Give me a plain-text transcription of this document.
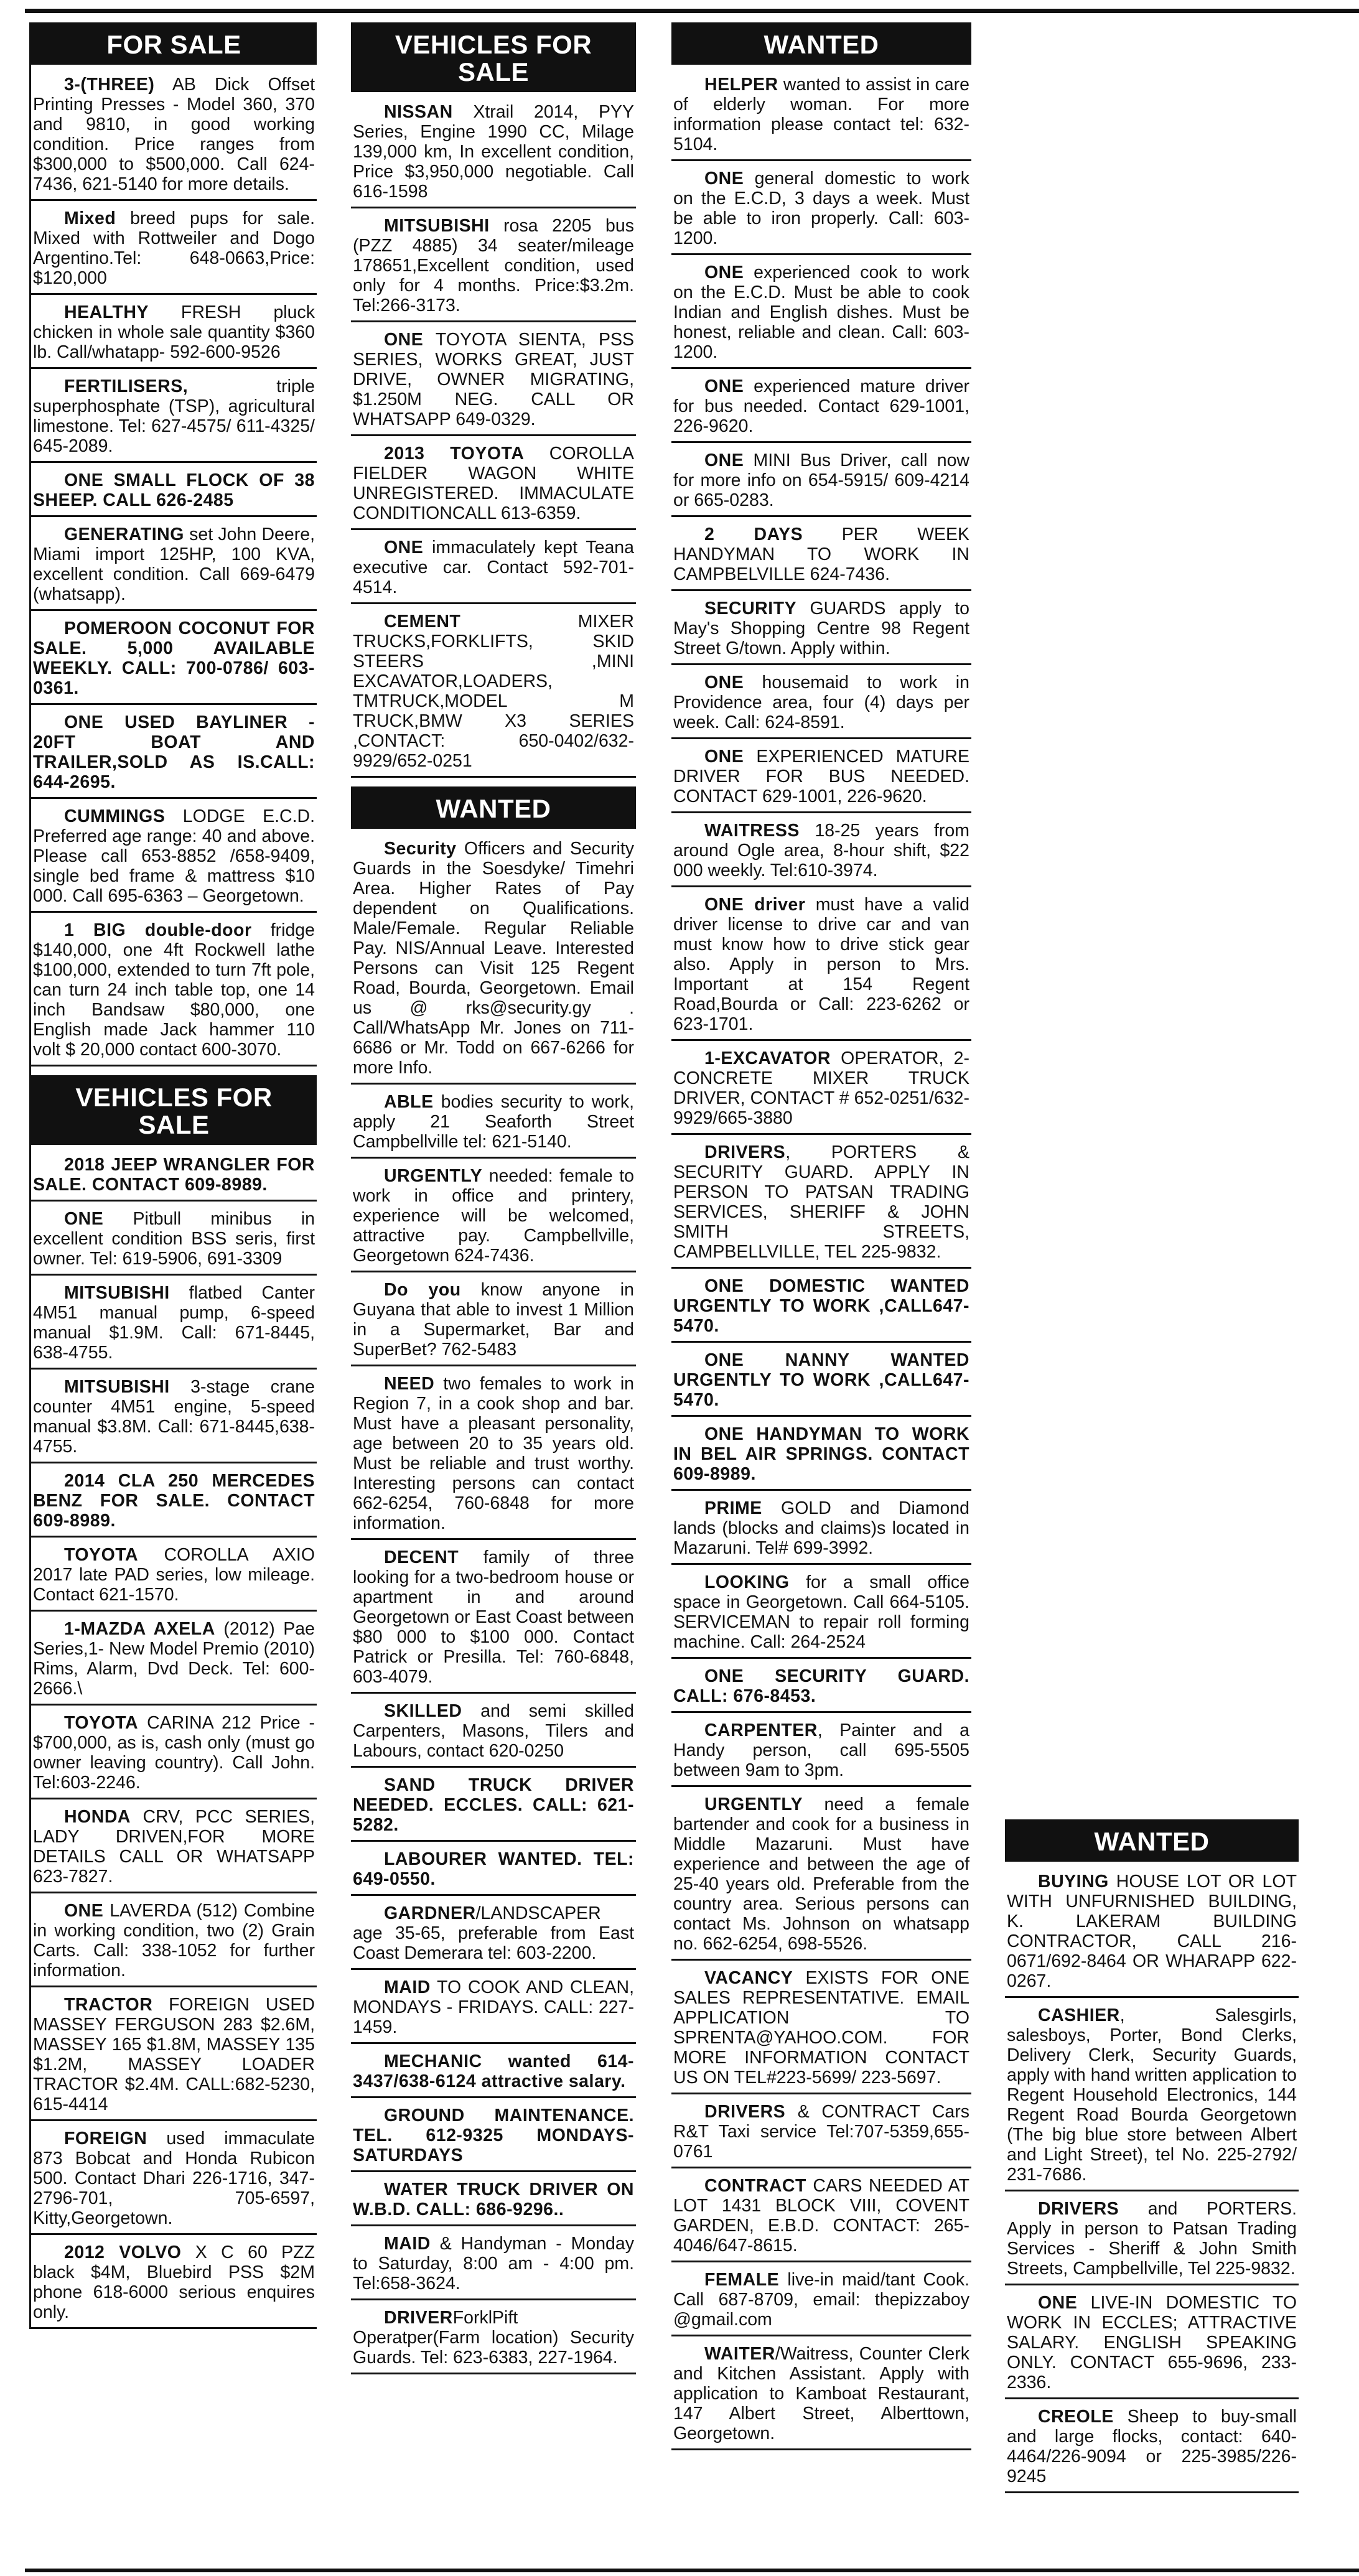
FOR SALE

3-(THREE) AB Dick Offset Printing Presses - Model 360, 370 and 9810, in good working condition. Price ranges from $300,000 to $500,000. Call 624-7436, 621-5140 for more details.

Mixed breed pups for sale. Mixed with Rottweiler and Dogo Argentino.Tel: 648-0663,Price: $120,000

HEALTHY FRESH pluck chicken in whole sale quantity $360 lb. Call/whatapp- 592-600-9526

FERTILISERS, triple superphosphate (TSP), agricultural limestone. Tel: 627-4575/ 611-4325/ 645-2089.

ONE SMALL FLOCK OF 38 SHEEP. CALL 626-2485

GENERATING set John Deere, Miami import 125HP, 100 KVA, excellent condition. Call 669-6479 (whatsapp).

POMEROON COCONUT FOR SALE. 5,000 AVAILABLE WEEKLY. CALL: 700-0786/ 603-0361.

ONE USED BAYLINER - 20FT BOAT AND TRAILER,SOLD AS IS.CALL: 644-2695.

CUMMINGS LODGE E.C.D. Preferred age range: 40 and above. Please call 653-8852 /658-9409, single bed frame & mattress $10 000. Call 695-6363 – Georgetown.

1 BIG double-door fridge $140,000, one 4ft Rockwell lathe $100,000, extended to turn 7ft pole, can turn 24 inch table top, one 14 inch Bandsaw $80,000, one English made Jack hammer 110 volt $ 20,000 contact 600-3070.

VEHICLES FOR SALE

2018 JEEP WRANGLER FOR SALE. CONTACT 609-8989.

ONE Pitbull minibus in excellent condition BSS seris, first owner. Tel: 619-5906, 691-3309

MITSUBISHI flatbed Canter 4M51 manual pump, 6-speed manual $1.9M. Call: 671-8445, 638-4755.

MITSUBISHI 3-stage crane counter 4M51 engine, 5-speed manual $3.8M. Call: 671-8445,638-4755.

2014 CLA 250 MERCEDES BENZ FOR SALE. CONTACT 609-8989.

TOYOTA COROLLA AXIO 2017 late PAD series, low mileage. Contact 621-1570.

1-MAZDA AXELA (2012) Pae Series,1- New Model Premio (2010) Rims, Alarm, Dvd Deck. Tel: 600-2666.\

TOYOTA CARINA 212 Price - $700,000, as is, cash only (must go owner leaving country). Call John. Tel:603-2246.

HONDA CRV, PCC SERIES, LADY DRIVEN,FOR MORE DETAILS CALL OR WHATSAPP 623-7827.

ONE LAVERDA (512) Combine in working condition, two (2) Grain Carts. Call: 338-1052 for further information.

TRACTOR FOREIGN USED MASSEY FERGUSON 283 $2.6M, MASSEY 165 $1.8M, MASSEY 135 $1.2M, MASSEY LOADER TRACTOR $2.4M. CALL:682-5230, 615-4414

FOREIGN used immaculate 873 Bobcat and Honda Rubicon 500. Contact Dhari 226-1716, 347-2796-701, 705-6597, Kitty,Georgetown.

2012 VOLVO X C 60 PZZ black $4M, Bluebird PSS $2M phone 618-6000 serious enquires only.

VEHICLES FOR SALE

NISSAN Xtrail 2014, PYY Series, Engine 1990 CC, Milage 139,000 km, In excellent condition, Price $3,950,000 negotiable. Call 616-1598

MITSUBISHI rosa 2205 bus (PZZ 4885) 34 seater/mileage 178651,Excellent condition, used only for 4 months. Price:$3.2m. Tel:266-3173.

ONE TOYOTA SIENTA, PSS SERIES, WORKS GREAT, JUST DRIVE, OWNER MIGRATING, $1.250M NEG. CALL OR WHATSAPP 649-0329.

2013 TOYOTA COROLLA FIELDER WAGON WHITE UNREGISTERED. IMMACULATE CONDITIONCALL 613-6359.

ONE immaculately kept Teana executive car. Contact 592-701-4514.

CEMENT MIXER TRUCKS,FORKLIFTS, SKID STEERS ,MINI EXCAVATOR,LOADERS, TMTRUCK,MODEL M TRUCK,BMW X3 SERIES ,CONTACT: 650-0402/632-9929/652-0251

WANTED

Security Officers and Security Guards in the Soesdyke/ Timehri Area. Higher Rates of Pay dependent on Qualifications. Male/Female. Regular Reliable Pay. NIS/Annual Leave. Interested Persons can Visit 125 Regent Road, Bourda, Georgetown. Email us @ rks@security.gy . Call/WhatsApp Mr. Jones on 711-6686 or Mr. Todd on 667-6266 for more Info.

ABLE bodies security to work, apply 21 Seaforth Street Campbellville tel: 621-5140.

URGENTLY needed: female to work in office and printery, experience will be welcomed, attractive pay. Campbellville, Georgetown 624-7436.

Do you know anyone in Guyana that able to invest 1 Million in a Supermarket, Bar and SuperBet? 762-5483

NEED two females to work in Region 7, in a cook shop and bar. Must have a pleasant personality, age between 20 to 35 years old. Must be reliable and trust worthy. Interesting persons can contact 662-6254, 760-6848 for more information.

DECENT family of three looking for a two-bedroom house or apartment in and around Georgetown or East Coast between $80 000 to $100 000. Contact Patrick or Presilla. Tel: 760-6848, 603-4079.

SKILLED and semi skilled Carpenters, Masons, Tilers and Labours, contact 620-0250

SAND TRUCK DRIVER NEEDED. ECCLES. CALL: 621-5282.

LABOURER WANTED. TEL: 649-0550.

GARDNER/LANDSCAPER age 35-65, preferable from East Coast Demerara tel: 603-2200.

MAID TO COOK AND CLEAN, MONDAYS - FRIDAYS. CALL: 227-1459.

MECHANIC wanted 614-3437/638-6124 attractive salary.

GROUND MAINTENANCE. TEL. 612-9325 MONDAYS-SATURDAYS

WATER TRUCK DRIVER ON W.B.D. CALL: 686-9296..

MAID & Handyman - Monday to Saturday, 8:00 am - 4:00 pm. Tel:658-3624.

DRIVERForklPift Operatper(Farm location) Security Guards. Tel: 623-6383, 227-1964.

WANTED

HELPER wanted to assist in care of elderly woman. For more information please contact tel: 632-5104.

ONE general domestic to work on the E.C.D, 3 days a week. Must be able to iron properly. Call: 603-1200.

ONE experienced cook to work on the E.C.D. Must be able to cook Indian and English dishes. Must be honest, reliable and clean. Call: 603-1200.

ONE experienced mature driver for bus needed. Contact 629-1001, 226-9620.

ONE MINI Bus Driver, call now for more info on 654-5915/ 609-4214 or 665-0283.

2 DAYS PER WEEK HANDYMAN TO WORK IN CAMPBELVILLE 624-7436.

SECURITY GUARDS apply to May's Shopping Centre 98 Regent Street G/town. Apply within.

ONE housemaid to work in Providence area, four (4) days per week. Call: 624-8591.

ONE EXPERIENCED MATURE DRIVER FOR BUS NEEDED. CONTACT 629-1001, 226-9620.

WAITRESS 18-25 years from around Ogle area, 8-hour shift, $22 000 weekly. Tel:610-3974.

ONE driver must have a valid driver license to drive car and van must know how to drive stick gear also. Apply in person to Mrs. Important at 154 Regent Road,Bourda or Call: 223-6262 or 623-1701.

1-EXCAVATOR OPERATOR, 2- CONCRETE MIXER TRUCK DRIVER, CONTACT # 652-0251/632-9929/665-3880

DRIVERS, PORTERS & SECURITY GUARD. APPLY IN PERSON TO PATSAN TRADING SERVICES, SHERIFF & JOHN SMITH STREETS, CAMPBELLVILLE, TEL 225-9832.

ONE DOMESTIC WANTED URGENTLY TO WORK ,CALL647-5470.

ONE NANNY WANTED URGENTLY TO WORK ,CALL647-5470.

ONE HANDYMAN TO WORK IN BEL AIR SPRINGS. CONTACT 609-8989.

PRIME GOLD and Diamond lands (blocks and claims)s located in Mazaruni. Tel# 699-3992.

LOOKING for a small office space in Georgetown. Call 664-5105. SERVICEMAN to repair roll forming machine. Call: 264-2524

ONE SECURITY GUARD. CALL: 676-8453.

CARPENTER, Painter and a Handy person, call 695-5505 between 9am to 3pm.

URGENTLY need a female bartender and cook for a business in Middle Mazaruni. Must have experience and between the age of 25-40 years old. Preferable from the country area. Serious persons can contact Ms. Johnson on whatsapp no. 662-6254, 698-5526.

VACANCY EXISTS FOR ONE SALES REPRESENTATIVE. EMAIL APPLICATION TO SPRENTA@YAHOO.COM. FOR MORE INFORMATION CONTACT US ON TEL#223-5699/ 223-5697.

DRIVERS & CONTRACT Cars R&T Taxi service Tel:707-5359,655-0761

CONTRACT CARS NEEDED AT LOT 1431 BLOCK VIII, COVENT GARDEN, E.B.D. CONTACT: 265-4046/647-8615.

FEMALE live-in maid/tant Cook. Call 687-8709, email: thepizzaboy @gmail.com

WAITER/Waitress, Counter Clerk and Kitchen Assistant. Apply with application to Kamboat Restaurant, 147 Albert Street, Alberttown, Georgetown.

WANTED

BUYING HOUSE LOT OR LOT WITH UNFURNISHED BUILDING, K. LAKERAM BUILDING CONTRACTOR, CALL 216-0671/692-8464 OR WHARAPP 622-0267.

CASHIER, Salesgirls, salesboys, Porter, Bond Clerks, Delivery Clerk, Security Guards, apply with hand written application to Regent Household Electronics, 144 Regent Road Bourda Georgetown (The big blue store between Albert and Light Street), tel No. 225-2792/ 231-7686.

DRIVERS and PORTERS. Apply in person to Patsan Trading Services - Sheriff & John Smith Streets, Campbellville, Tel 225-9832.

ONE LIVE-IN DOMESTIC TO WORK IN ECCLES; ATTRACTIVE SALARY. ENGLISH SPEAKING ONLY. CONTACT 655-9696, 233-2336.

CREOLE Sheep to buy-small and large flocks, contact: 640-4464/226-9094 or 225-3985/226-9245
